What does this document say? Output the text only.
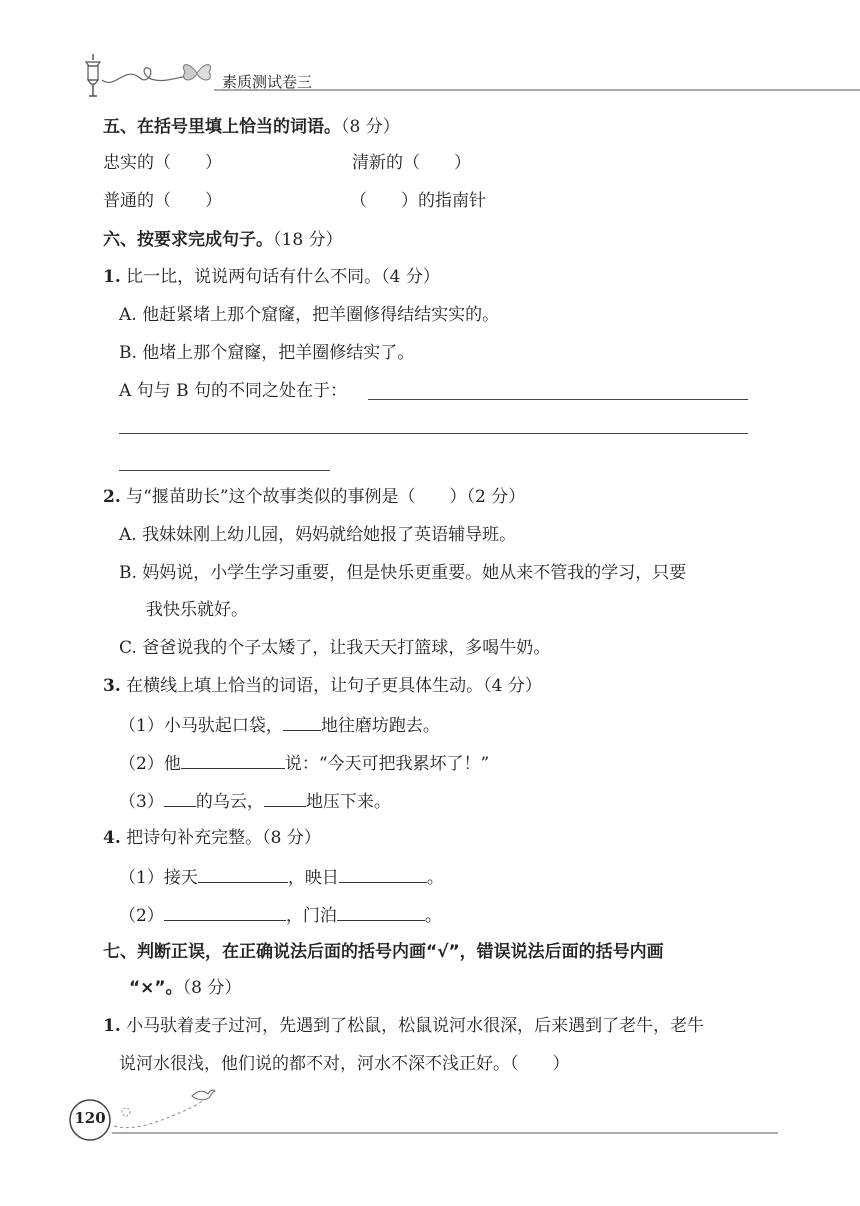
素质测试卷三
五、在括号里填上恰当的词语。（8 分）
忠实的（　　）	清新的（　　）
普通的（　　）	（　　）的指南针
六、按要求完成句子。（18 分）
1. 比一比，说说两句话有什么不同。（4 分）
A. 他赶紧堵上那个窟窿，把羊圈修得结结实实的。
B. 他堵上那个窟窿，把羊圈修结实了。
A 句与 B 句的不同之处在于：
2. 与“揠苗助长”这个故事类似的事例是（　　）（2 分）
A. 我妹妹刚上幼儿园，妈妈就给她报了英语辅导班。
B. 妈妈说，小学生学习重要，但是快乐更重要。她从来不管我的学习，只要
我快乐就好。
C. 爸爸说我的个子太矮了，让我天天打篮球，多喝牛奶。
3. 在横线上填上恰当的词语，让句子更具体生动。（4 分）
（1）小马驮起口袋， 地往磨坊跑去。
（2）他	说：“今天可把我累坏了！”
（3） 的乌云， 地压下来。
4. 把诗句补充完整。（8 分）
（1）接天	，映日	。
（2）	，门泊	。
七、判断正误，在正确说法后面的括号内画“√”，错误说法后面的括号内画
“×”。（8 分）
1. 小马驮着麦子过河，先遇到了松鼠，松鼠说河水很深，后来遇到了老牛，老牛
说河水很浅，他们说的都不对，河水不深不浅正好。（　　）
120
